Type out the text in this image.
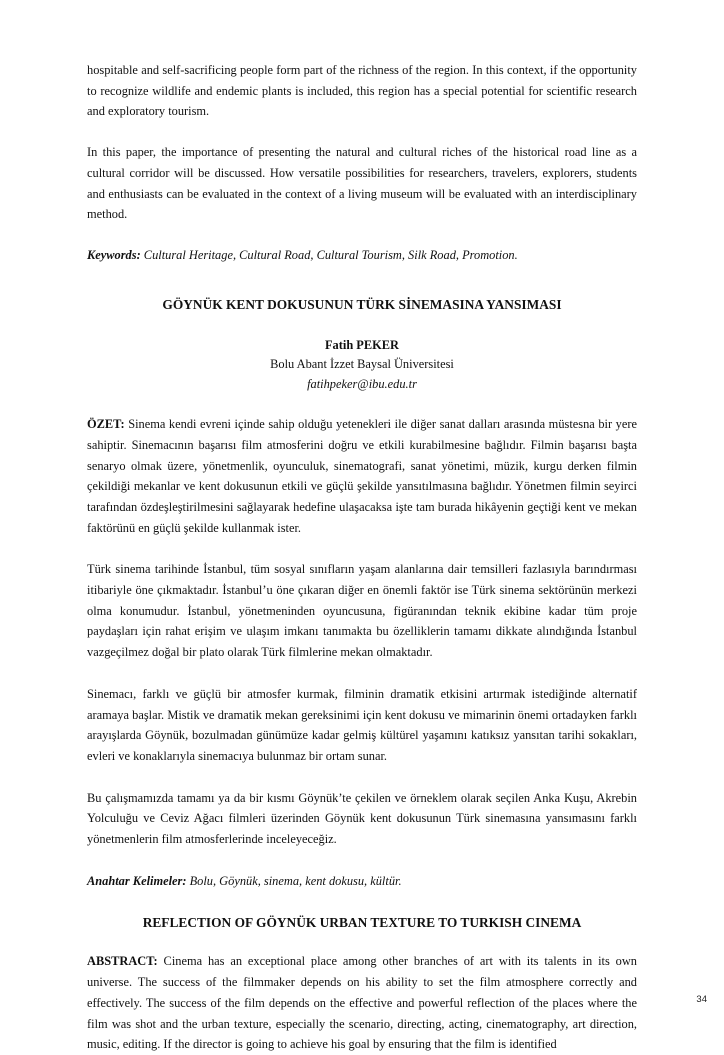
hospitable and self-sacrificing people form part of the richness of the region. In this context, if the opportunity to recognize wildlife and endemic plants is included, this region has a special potential for scientific research and exploratory tourism.

In this paper, the importance of presenting the natural and cultural riches of the historical road line as a cultural corridor will be discussed. How versatile possibilities for researchers, travelers, explorers, students and enthusiasts can be evaluated in the context of a living museum will be evaluated with an interdisciplinary method.

Keywords: Cultural Heritage, Cultural Road, Cultural Tourism, Silk Road, Promotion.

GÖYNÜK KENT DOKUSUNUN TÜRK SİNEMASINA YANSIMASI
Fatih PEKER
Bolu Abant İzzet Baysal Üniversitesi
fatihpeker@ibu.edu.tr

ÖZET: Sinema kendi evreni içinde sahip olduğu yetenekleri ile diğer sanat dalları arasında müstesna bir yere sahiptir. Sinemacının başarısı film atmosferini doğru ve etkili kurabilmesine bağlıdır. Filmin başarısı başta senaryo olmak üzere, yönetmenlik, oyunculuk, sinematografi, sanat yönetimi, müzik, kurgu derken filmin çekildiği mekanlar ve kent dokusunun etkili ve güçlü şekilde yansıtılmasına bağlıdır. Yönetmen filmin seyirci tarafından özdeşleştirilmesini sağlayarak hedefine ulaşacaksa işte tam burada hikâyenin geçtiği kent ve mekan faktörünü en güçlü şekilde kullanmak ister.

Türk sinema tarihinde İstanbul, tüm sosyal sınıfların yaşam alanlarına dair temsilleri fazlasıyla barındırması itibariyle öne çıkmaktadır. İstanbul’u öne çıkaran diğer en önemli faktör ise Türk sinema sektörünün merkezi olma konumudur. İstanbul, yönetmeninden oyuncusuna, figüranından teknik ekibine kadar tüm proje paydaşları için rahat erişim ve ulaşım imkanı tanımakta bu özelliklerin tamamı dikkate alındığında İstanbul vazgeçilmez doğal bir plato olarak Türk filmlerine mekan olmaktadır.

Sinemacı, farklı ve güçlü bir atmosfer kurmak, filminin dramatik etkisini artırmak istediğinde alternatif aramaya başlar. Mistik ve dramatik mekan gereksinimi için kent dokusu ve mimarinin önemi ortadayken farklı arayışlarda Göynük, bozulmadan günümüze kadar gelmiş kültürel yaşamını katıksız yansıtan tarihi sokakları, evleri ve konaklarıyla sinemacıya bulunmaz bir ortam sunar.

Bu çalışmamızda tamamı ya da bir kısmı Göynük’te çekilen ve örneklem olarak seçilen Anka Kuşu, Akrebin Yolculuğu ve Ceviz Ağacı filmleri üzerinden Göynük kent dokusunun Türk sinemasına yansımasını farklı yönetmenlerin film atmosferlerinde inceleyeceğiz.

Anahtar Kelimeler: Bolu, Göynük, sinema, kent dokusu, kültür.

REFLECTION OF GÖYNÜK URBAN TEXTURE TO TURKISH CINEMA

ABSTRACT: Cinema has an exceptional place among other branches of art with its talents in its own universe. The success of the filmmaker depends on his ability to set the film atmosphere correctly and effectively. The success of the film depends on the effective and powerful reflection of the places where the film was shot and the urban texture, especially the scenario, directing, acting, cinematography, art direction, music, editing. If the director is going to achieve his goal by ensuring that the film is identified

34
